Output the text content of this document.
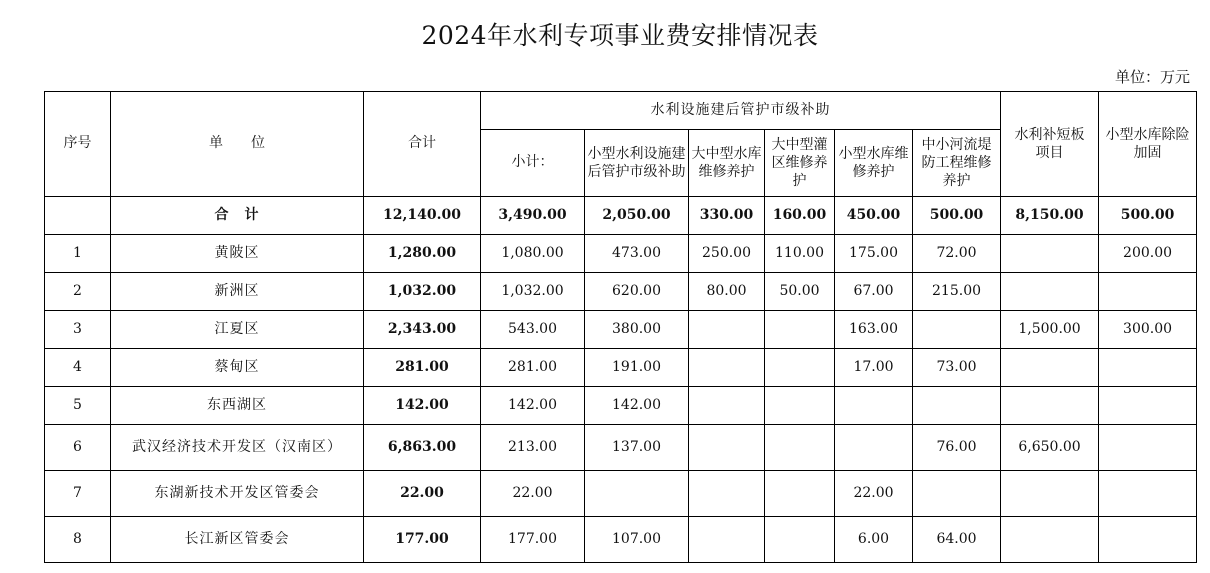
2024年水利专项事业费安排情况表
单位：万元
序号	单　　位	合计	水利设施建后管护市级补助						水利补短板项目	小型水库除险加固

			小计：	小型水利设施建后管护市级补助	大中型水库维修养护	大中型灌区维修养护	小型水库维修养护	中小河流堤防工程维修养护		
	合　计	12,140.00	3,490.00	2,050.00	330.00	160.00	450.00	500.00	8,150.00	500.00
1	黄陂区	1,280.00	1,080.00	473.00	250.00	110.00	175.00	72.00		200.00
2	新洲区	1,032.00	1,032.00	620.00	80.00	50.00	67.00	215.00		
3	江夏区	2,343.00	543.00	380.00			163.00		1,500.00	300.00
4	蔡甸区	281.00	281.00	191.00			17.00	73.00		
5	东西湖区	142.00	142.00	142.00						
6	武汉经济技术开发区（汉南区）	6,863.00	213.00	137.00				76.00	6,650.00	
7	东湖新技术开发区管委会	22.00	22.00				22.00			
8	长江新区管委会	177.00	177.00	107.00			6.00	64.00		
